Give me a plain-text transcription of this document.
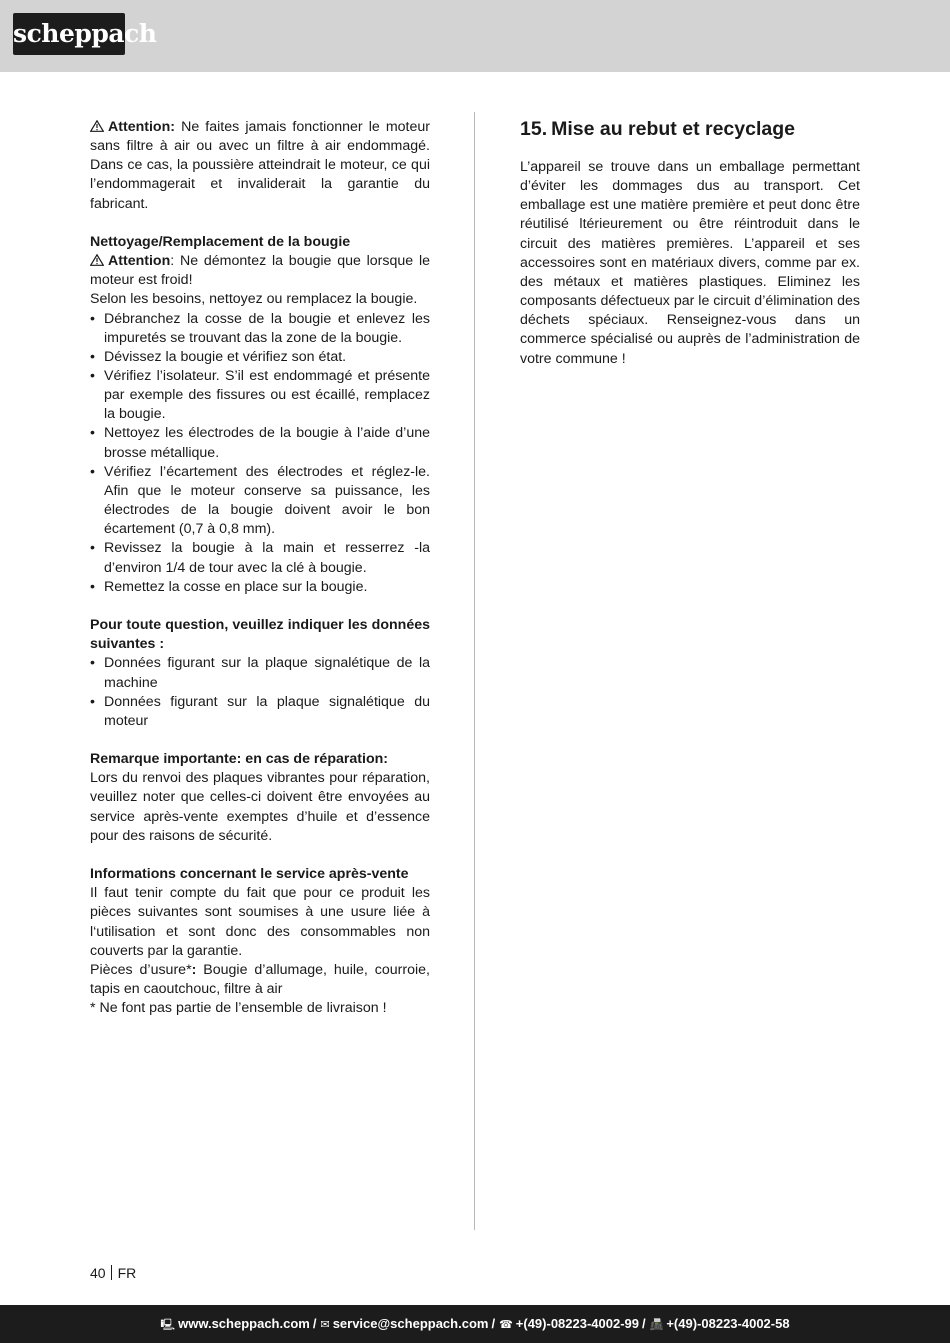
scheppach

Attention: Ne faites jamais fonctionner le moteur sans filtre à air ou avec un filtre à air endommagé. Dans ce cas, la poussière atteindrait le moteur, ce qui l’endommagerait et invaliderait la garantie du fabricant.

Nettoyage/Remplacement de la bougie

Attention: Ne démontez la bougie que lorsque le moteur est froid!

Selon les besoins, nettoyez ou remplacez la bougie.

• Débranchez la cosse de la bougie et enlevez les impuretés se trouvant das la zone de la bougie.
• Dévissez la bougie et vérifiez son état.
• Vérifiez l’isolateur. S’il est endommagé et présente par exemple des fissures ou est écaillé, remplacez la bougie.
• Nettoyez les électrodes de la bougie à l’aide d’une brosse métallique.
• Vérifiez l’écartement des électrodes et réglez-le. Afin que le moteur conserve sa puissance, les électrodes de la bougie doivent avoir le bon écartement (0,7 à 0,8 mm).
• Revissez la bougie à la main et resserrez -la d’environ 1/4 de tour avec la clé à bougie.
• Remettez la cosse en place sur la bougie.

Pour toute question, veuillez indiquer les données suivantes :

• Données figurant sur la plaque signalétique de la machine
• Données figurant sur la plaque signalétique du moteur

Remarque importante: en cas de réparation:

Lors du renvoi des plaques vibrantes pour réparation, veuillez noter que celles-ci doivent être envoyées au service après-vente exemptes d’huile et d’essence pour des raisons de sécurité.

Informations concernant le service après-vente

Il faut tenir compte du fait que pour ce produit les pièces suivantes sont soumises à une usure liée à l‘utilisation et sont donc des consommables non couverts par la garantie.

Pièces d’usure*: Bougie d’allumage, huile, courroie, tapis en caoutchouc, filtre à air

* Ne font pas partie de l’ensemble de livraison !

15. Mise au rebut et recyclage

L’appareil se trouve dans un emballage permettant d’éviter les dommages dus au transport. Cet emballage est une matière première et peut donc être réutilisé ltérieurement ou être réintroduit dans le circuit des matières premières. L’appareil et ses accessoires sont en matériaux divers, comme par ex. des métaux et matières plastiques. Eliminez les composants défectueux par le circuit d’élimination des déchets spéciaux. Renseignez-vous dans un commerce spécialisé ou auprès de l’administration de votre commune !

40 FR
🖳 www.scheppach.com / ✉ service@scheppach.com / ☎ +(49)-08223-4002-99 / 📠 +(49)-08223-4002-58
